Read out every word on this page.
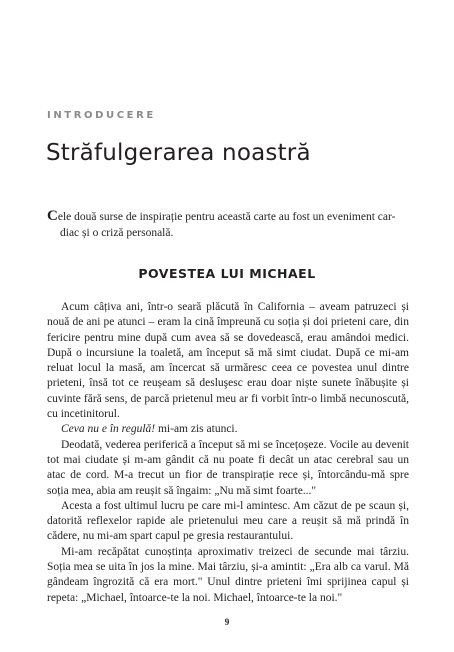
INTRODUCERE
Străfulgerarea noastră

Cele două surse de inspirație pentru această carte au fost un eveniment car-
diac și o criză personală.

POVESTEA LUI MICHAEL

Acum câțiva ani, într-o seară plăcută în California – aveam patruzeci și nouă de ani pe atunci – eram la cină împreună cu soția și doi prieteni care, din fericire pentru mine după cum avea să se dovedească, erau amândoi medici. După o incursiune la toaletă, am început să mă simt ciudat. După ce mi-am reluat locul la masă, am încercat să urmăresc ceea ce povestea unul dintre prieteni, însă tot ce reușeam să desluşesc erau doar niște sunete înăbușite și cuvinte fără sens, de parcă prietenul meu ar fi vorbit într-o limbă necunoscută, cu incetinitorul.

Ceva nu e în regulă! mi-am zis atunci.

Deodată, vederea periferică a început să mi se încețoșeze. Vocile au devenit tot mai ciudate și m-am gândit că nu poate fi decât un atac cerebral sau un atac de cord. M-a trecut un fior de transpirație rece și, întorcându-mă spre soția mea, abia am reușit să îngaim: „Nu mă simt foarte..."

Acesta a fost ultimul lucru pe care mi-l amintesc. Am căzut de pe scaun și, datorită reflexelor rapide ale prietenului meu care a reușit să mă prindă în cădere, nu mi-am spart capul pe gresia restaurantului.

Mi-am recăpătat cunoștința aproximativ treizeci de secunde mai târziu. Soția mea se uita în jos la mine. Mai târziu, și-a amintit: „Era alb ca varul. Mă gândeam îngrozită că era mort." Unul dintre prieteni îmi sprijinea capul și repeta: „Michael, întoarce-te la noi. Michael, întoarce-te la noi."

9
